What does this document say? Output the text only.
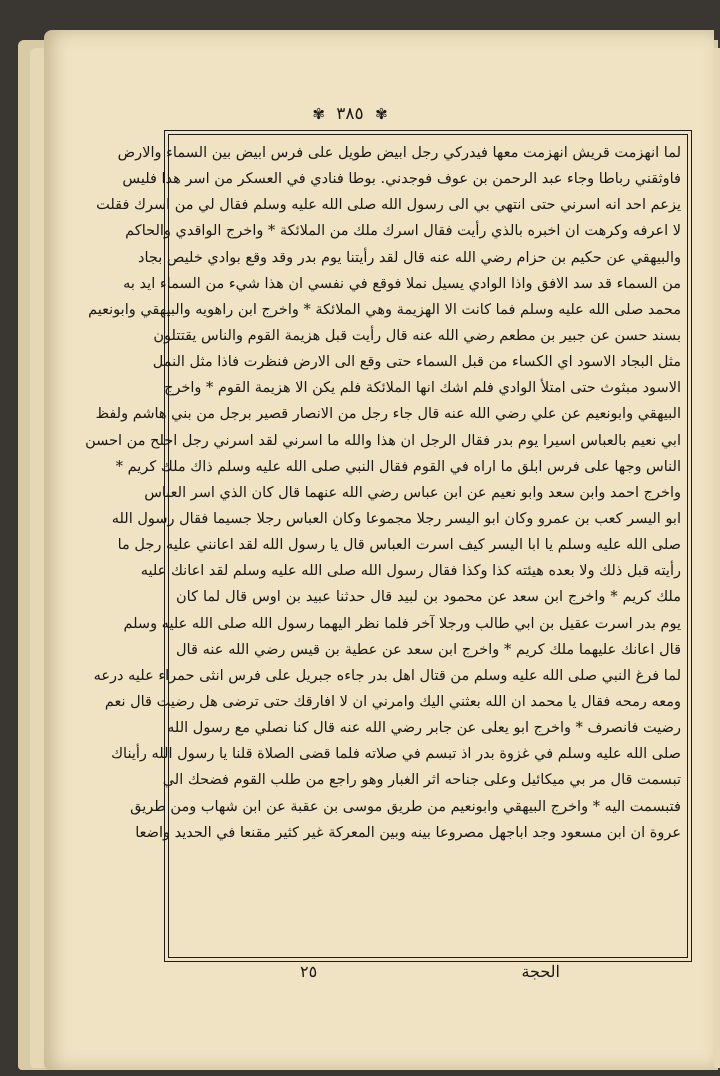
✾ ٣٨٥ ✾
لما انهزمت قريش انهزمت معها فيدركي رجل ابيض طويل على فرس ابيض بين السماء والارض
فاوثقني رباطا وجاء عبد الرحمن بن عوف فوجدني. بوطا فنادي في العسكر من اسر هذا فليس
يزعم احد انه اسرني حتى انتهي بي الى رسول الله صلى الله عليه وسلم فقال لي من اسرك فقلت
لا اعرفه وكرهت ان اخبره بالذي رأيت فقال اسرك ملك من الملائكة * واخرج الواقدي والحاكم
والبيهقي عن حكيم بن حزام رضي الله عنه قال لقد رأيتنا يوم بدر وقد وقع بوادي خليص بجاد
من السماء قد سد الافق واذا الوادي يسيل نملا فوقع في نفسي ان هذا شيء من السماء ايد به
محمد صلى الله عليه وسلم فما كانت الا الهزيمة وهي الملائكة * واخرج ابن راهويه والبيهقي وابونعيم
بسند حسن عن جبير بن مطعم رضي الله عنه قال رأيت قبل هزيمة القوم والناس يقتتلون
مثل البجاد الاسود اي الكساء من قبل السماء حتى وقع الى الارض فنظرت فاذا مثل النمل
الاسود مبثوث حتى امتلأ الوادي فلم اشك انها الملائكة فلم يكن الا هزيمة القوم * واخرج
البيهقي وابونعيم عن علي رضي الله عنه قال جاء رجل من الانصار قصير برجل من بني هاشم ولفظ
ابي نعيم بالعباس اسيرا يوم بدر فقال الرجل ان هذا والله ما اسرني لقد اسرني رجل اجلح من احسن
الناس وجها على فرس ابلق ما اراه في القوم فقال النبي صلى الله عليه وسلم ذاك ملك كريم *
واخرج احمد وابن سعد وابو نعيم عن ابن عباس رضي الله عنهما قال كان الذي اسر العباس
ابو اليسر كعب بن عمرو وكان ابو اليسر رجلا مجموعا وكان العباس رجلا جسيما فقال رسول الله
صلى الله عليه وسلم يا ابا اليسر كيف اسرت العباس قال يا رسول الله لقد اعانني عليه رجل ما
رأيته قبل ذلك ولا بعده هيئته كذا وكذا فقال رسول الله صلى الله عليه وسلم لقد اعانك عليه
ملك كريم * واخرج ابن سعد عن محمود بن لبيد قال حدثنا عبيد بن اوس قال لما كان
يوم بدر اسرت عقيل بن ابي طالب ورجلا آخر فلما نظر اليهما رسول الله صلى الله عليه وسلم
قال اعانك عليهما ملك كريم * واخرج ابن سعد عن عطية بن قيس رضي الله عنه قال
لما فرغ النبي صلى الله عليه وسلم من قتال اهل بدر جاءه جبريل على فرس انثى حمراء عليه درعه
ومعه رمحه فقال يا محمد ان الله بعثني اليك وامرني ان لا افارقك حتى ترضى هل رضيت قال نعم
رضيت فانصرف * واخرج ابو يعلى عن جابر رضي الله عنه قال كنا نصلي مع رسول الله
صلى الله عليه وسلم في غزوة بدر اذ تبسم في صلاته فلما قضى الصلاة قلنا يا رسول الله رأيناك
تبسمت قال مر بي ميكائيل وعلى جناحه اثر الغبار وهو راجع من طلب القوم فضحك الي
فتبسمت اليه * واخرج البيهقي وابونعيم من طريق موسى بن عقبة عن ابن شهاب ومن طريق
عروة ان ابن مسعود وجد اباجهل مصروعا بينه وبين المعركة غير كثير مقنعا في الحديد واضعا
الحجة
٢٥
